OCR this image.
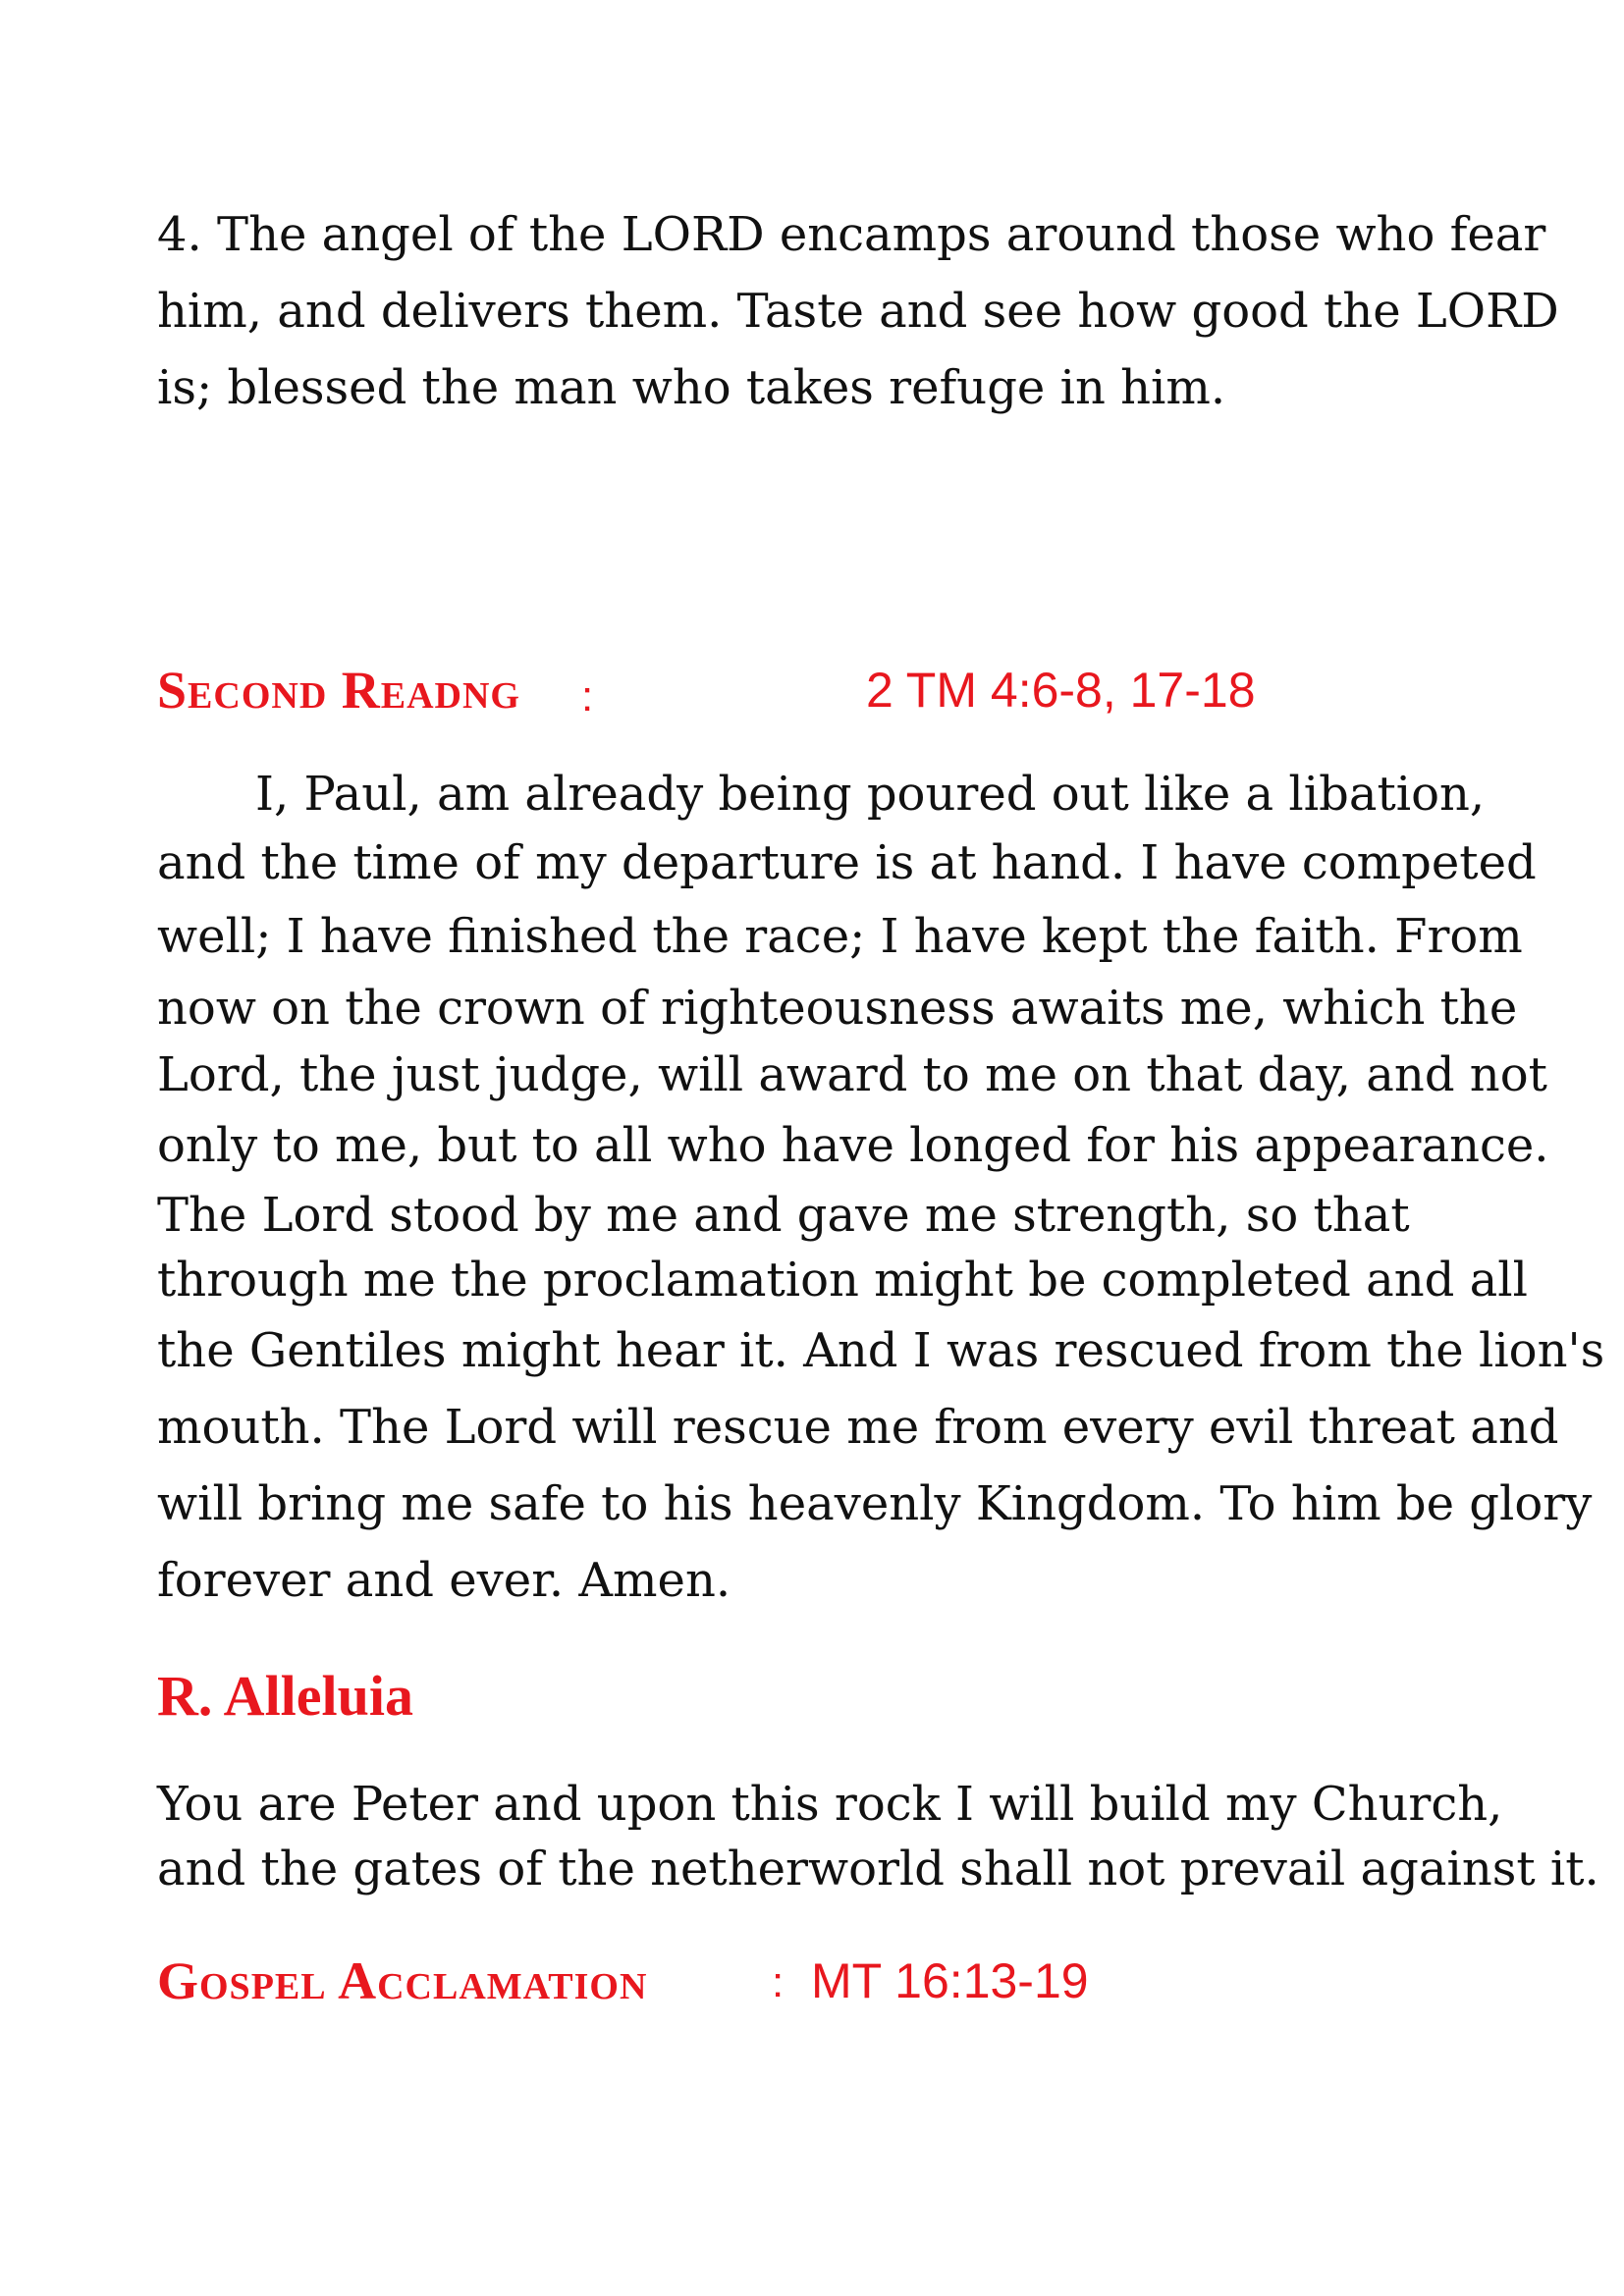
4. The angel of the LORD encamps around those who fear
him, and delivers them. Taste and see how good the LORD
is; blessed the man who takes refuge in him.
Second Readng :	2 TM 4:6-8, 17-18
I, Paul, am already being poured out like a libation,
and the time of my departure is at hand. I have competed
well; I have finished the race; I have kept the faith. From
now on the crown of righteousness awaits me, which the
Lord, the just judge, will award to me on that day, and not
only to me, but to all who have longed for his appearance.
The Lord stood by me and gave me strength, so that
through me the proclamation might be completed and all
the Gentiles might hear it. And I was rescued from the lion's
mouth. The Lord will rescue me from every evil threat and
will bring me safe to his heavenly Kingdom. To him be glory
forever and ever. Amen.
R. Alleluia
You are Peter and upon this rock I will build my Church,
and the gates of the netherworld shall not prevail against it.
Gospel Acclamation	: MT 16:13-19
